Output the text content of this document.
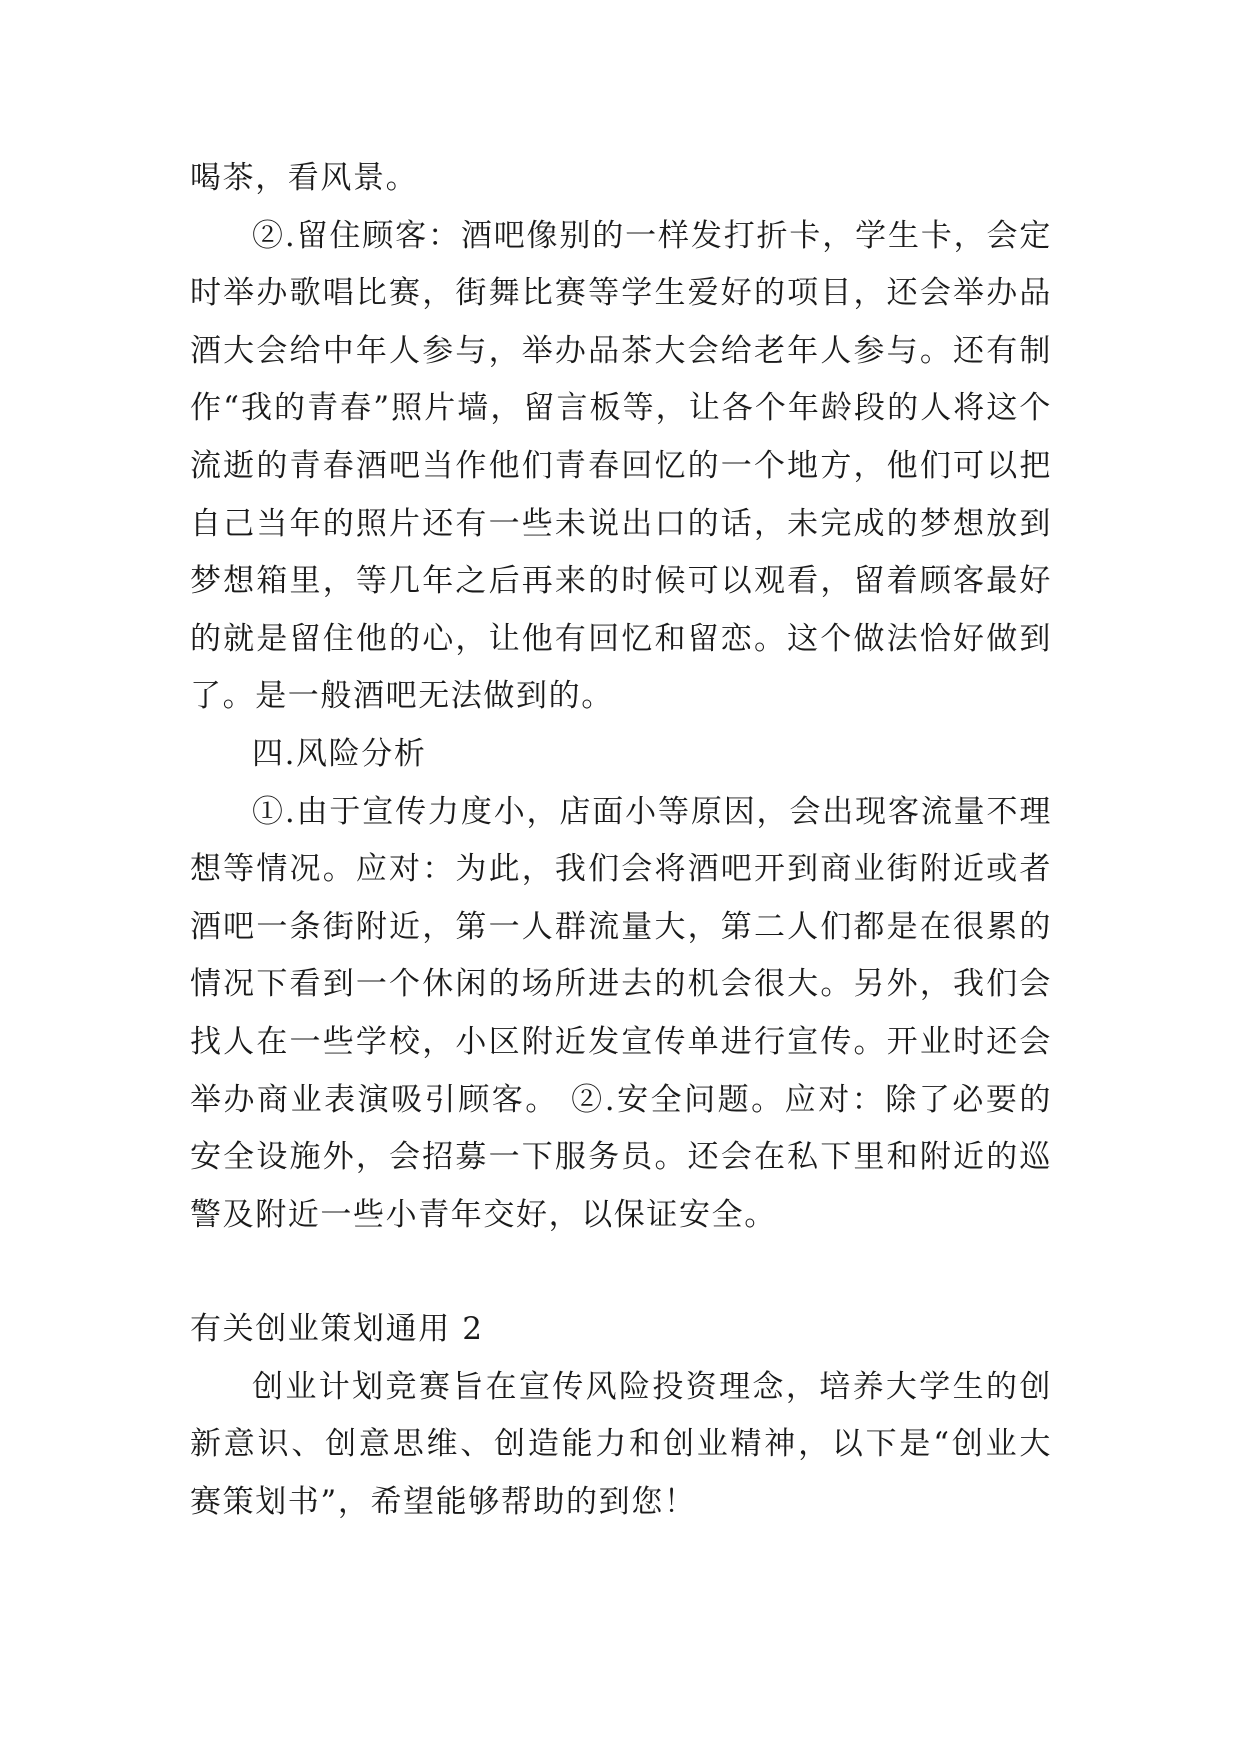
喝茶，看风景。

②.留住顾客：酒吧像别的一样发打折卡，学生卡，会定时举办歌唱比赛，街舞比赛等学生爱好的项目，还会举办品酒大会给中年人参与，举办品茶大会给老年人参与。还有制作“我的青春”照片墙，留言板等，让各个年龄段的人将这个流逝的青春酒吧当作他们青春回忆的一个地方，他们可以把自己当年的照片还有一些未说出口的话，未完成的梦想放到梦想箱里，等几年之后再来的时候可以观看，留着顾客最好的就是留住他的心，让他有回忆和留恋。这个做法恰好做到了。是一般酒吧无法做到的。

四.风险分析

①.由于宣传力度小，店面小等原因，会出现客流量不理想等情况。应对：为此，我们会将酒吧开到商业街附近或者酒吧一条街附近，第一人群流量大，第二人们都是在很累的情况下看到一个休闲的场所进去的机会很大。另外，我们会找人在一些学校，小区附近发宣传单进行宣传。开业时还会举办商业表演吸引顾客。 ②.安全问题。应对：除了必要的安全设施外，会招募一下服务员。还会在私下里和附近的巡警及附近一些小青年交好，以保证安全。

有关创业策划通用 2

创业计划竞赛旨在宣传风险投资理念，培养大学生的创新意识、创意思维、创造能力和创业精神，以下是“创业大赛策划书”，希望能够帮助的到您！
